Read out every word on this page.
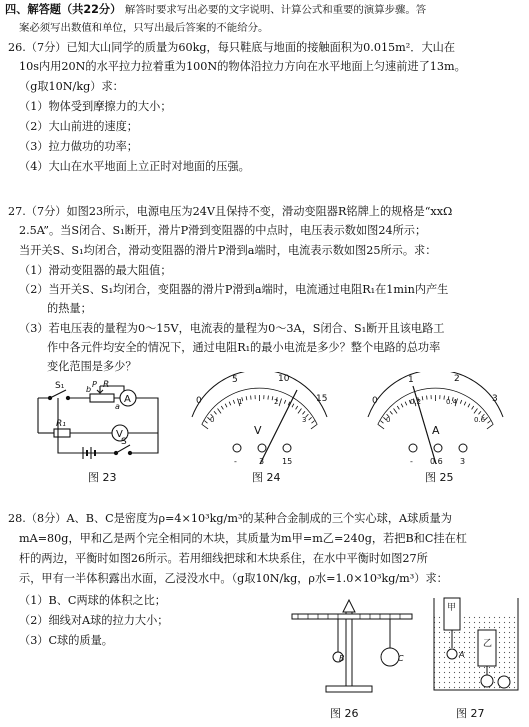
四、解答题（共22分） 解答时要求写出必要的文字说明、计算公式和重要的演算步骤。答
案必须写出数值和单位，只写出最后答案的不能给分。
26.（7分）已知大山同学的质量为60kg，每只鞋底与地面的接触面积为0.015m²．大山在
10s内用20N的水平拉力拉着重为100N的物体沿拉力方向在水平地面上匀速前进了13m。
（g取10N/kg）求：
（1）物体受到摩擦力的大小；
（2）大山前进的速度；
（3）拉力做功的功率；
（4）大山在水平地面上立正时对地面的压强。
27.（7分）如图23所示，电源电压为24V且保持不变，滑动变阻器R铭牌上的规格是“xxΩ
2.5A”。当S闭合、S₁断开，滑片P滑到变阻器的中点时，电压表示数如图24所示；
当开关S、S₁均闭合，滑动变阻器的滑片P滑到a端时，电流表示数如图25所示。求：
（1）滑动变阻器的最大阻值；
（2）当开关S、S₁均闭合，变阻器的滑片P滑到a端时，电流通过电阻R₁在1min内产生
的热量；
（3）若电压表的量程为0～15V，电流表的量程为0～3A，S闭合、S₁断开且该电路工
作中各元件均安全的情况下，通过电阻R₁的最小电流是多少？整个电路的总功率
变化范围是多少？
S₁	R
b
a
P
R₁
S
A
V
图 23
0
5	10
15
0
1	2
3
V
-	3 15
图 24
0
1	2
3
0
0.2	0.4
0.6
A
- 0.6 3
图 25
28.（8分）A、B、C是密度为ρ=4×10³kg/m³的某种合金制成的三个实心球，A球质量为
mA=80g，甲和乙是两个完全相同的木块，其质量为m甲=m乙=240g，若把B和C挂在杠
杆的两边，平衡时如图26所示。若用细线把球和木块系住，在水中平衡时如图27所
示，甲有一半体积露出水面，乙浸没水中。（g取10N/kg，ρ水=1.0×10³kg/m³）求：
（1）B、C两球的体积之比；
（2）细线对A球的拉力大小；
（3）C球的质量。
B	C
图 26
甲
乙
A
图 27
